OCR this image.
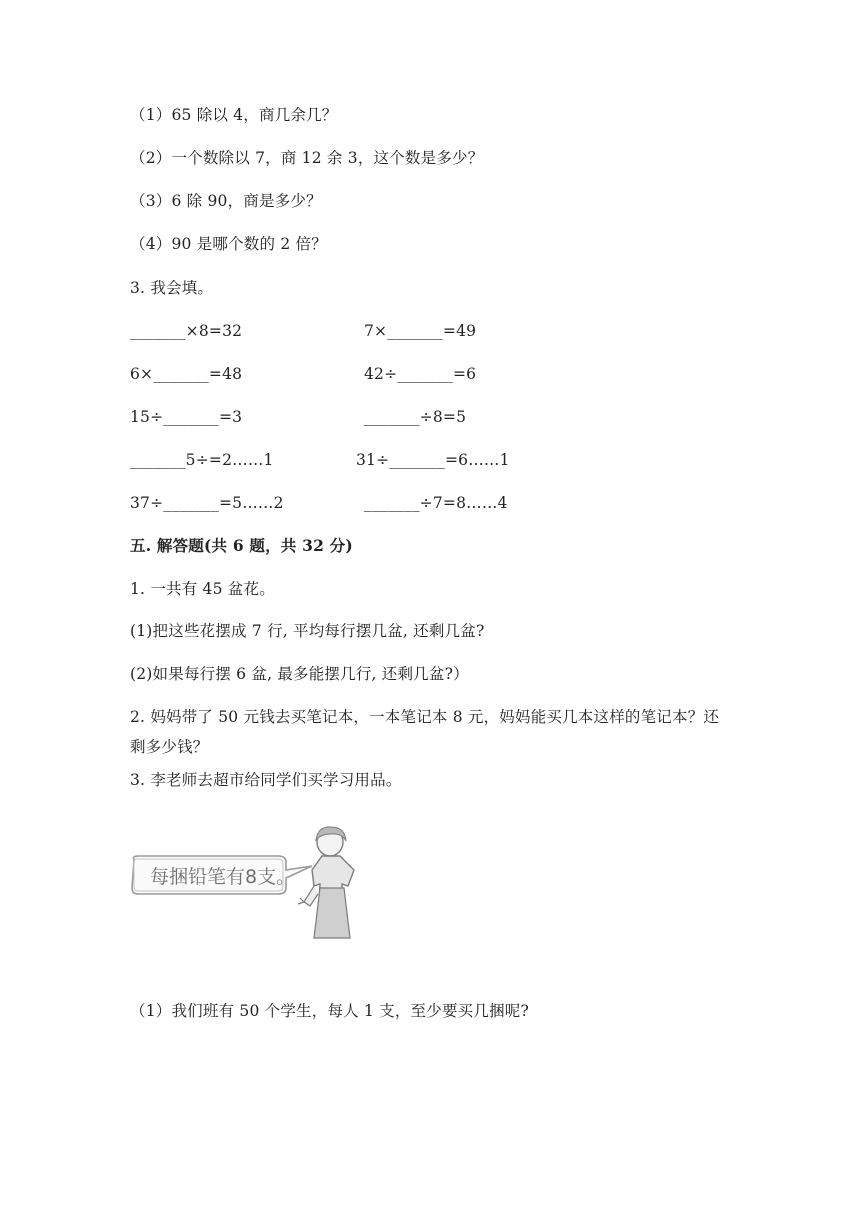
（1）65 除以 4，商几余几？
（2）一个数除以 7，商 12 余 3，这个数是多少？
（3）6 除 90，商是多少？
（4）90 是哪个数的 2 倍？
3. 我会填。
_______×8=32	7×_______=49
6×_______=48	42÷_______=6
15÷_______=3	_______÷8=5
_______5÷=2……1	31÷_______=6……1
37÷_______=5……2	_______÷7=8……4
五. 解答题(共 6 题，共 32 分)
1. 一共有 45 盆花。
(1)把这些花摆成 7 行, 平均每行摆几盆, 还剩几盆?
(2)如果每行摆 6 盆, 最多能摆几行, 还剩几盆?）
2. 妈妈带了 50 元钱去买笔记本，一本笔记本 8 元，妈妈能买几本这样的笔记本？还剩多少钱？
3. 李老师去超市给同学们买学习用品。
每捆铅笔有8支。
（1）我们班有 50 个学生，每人 1 支，至少要买几捆呢?
